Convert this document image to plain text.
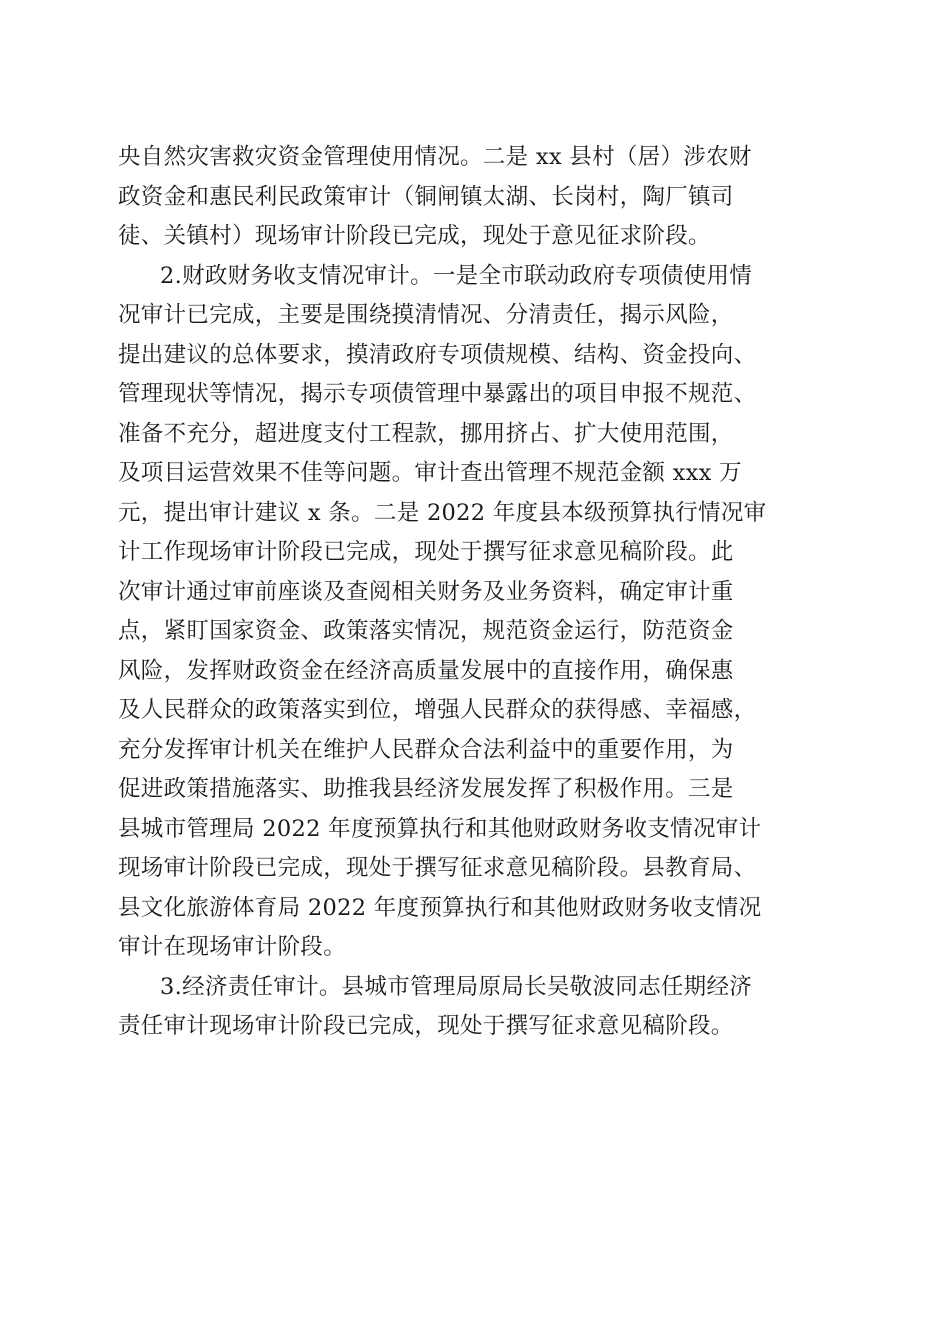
央自然灾害救灾资金管理使用情况。二是 xx 县村（居）涉农财
政资金和惠民利民政策审计（铜闸镇太湖、长岗村，陶厂镇司
徒、关镇村）现场审计阶段已完成，现处于意见征求阶段。
2.财政财务收支情况审计。一是全市联动政府专项债使用情
况审计已完成，主要是围绕摸清情况、分清责任，揭示风险，
提出建议的总体要求，摸清政府专项债规模、结构、资金投向、
管理现状等情况，揭示专项债管理中暴露出的项目申报不规范、
准备不充分，超进度支付工程款，挪用挤占、扩大使用范围，
及项目运营效果不佳等问题。审计查出管理不规范金额 xxx 万
元，提出审计建议 x 条。二是 2022 年度县本级预算执行情况审
计工作现场审计阶段已完成，现处于撰写征求意见稿阶段。此
次审计通过审前座谈及查阅相关财务及业务资料，确定审计重
点，紧盯国家资金、政策落实情况，规范资金运行，防范资金
风险，发挥财政资金在经济高质量发展中的直接作用，确保惠
及人民群众的政策落实到位，增强人民群众的获得感、幸福感，
充分发挥审计机关在维护人民群众合法利益中的重要作用，为
促进政策措施落实、助推我县经济发展发挥了积极作用。三是
县城市管理局 2022 年度预算执行和其他财政财务收支情况审计
现场审计阶段已完成，现处于撰写征求意见稿阶段。县教育局、
县文化旅游体育局 2022 年度预算执行和其他财政财务收支情况
审计在现场审计阶段。
3.经济责任审计。县城市管理局原局长吴敬波同志任期经济
责任审计现场审计阶段已完成，现处于撰写征求意见稿阶段。
